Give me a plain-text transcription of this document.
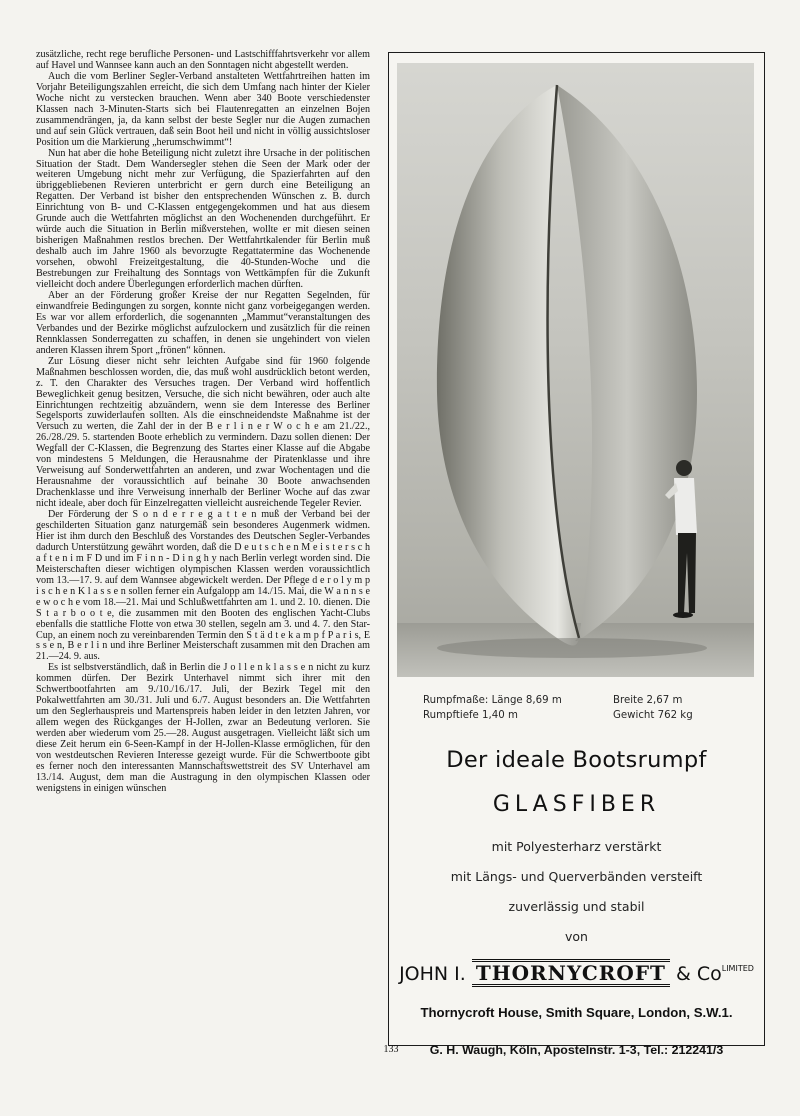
zusätzliche, recht rege berufliche Personen- und Lastschifffahrtsverkehr vor allem auf Havel und Wannsee kann auch an den Sonntagen nicht abgestellt werden.

Auch die vom Berliner Segler-Verband anstalteten Wettfahrtreihen hatten im Vorjahr Beteiligungszahlen erreicht, die sich dem Umfang nach hinter der Kieler Woche nicht zu verstecken brauchen. Wenn aber 340 Boote verschiedenster Klassen nach 3-Minuten-Starts sich bei Flautenregatten an einzelnen Bojen zusammendrängen, ja, da kann selbst der beste Segler nur die Augen zumachen und auf sein Glück vertrauen, daß sein Boot heil und nicht in völlig aussichtsloser Position um die Markierung „herumschwimmt“!

Nun hat aber die hohe Beteiligung nicht zuletzt ihre Ursache in der politischen Situation der Stadt. Dem Wandersegler stehen die Seen der Mark oder der weiteren Umgebung nicht mehr zur Verfügung, die Spazierfahrten auf den übriggebliebenen Revieren unterbricht er gern durch eine Beteiligung an Regatten. Der Verband ist bisher den entsprechenden Wünschen z. B. durch Einrichtung von B- und C-Klassen entgegengekommen und hat aus diesem Grunde auch die Wettfahrten möglichst an den Wochenenden durchgeführt. Er würde auch die Situation in Berlin mißverstehen, wollte er mit diesen seinen bisherigen Maßnahmen restlos brechen. Der Wettfahrtkalender für Berlin muß deshalb auch im Jahre 1960 als bevorzugte Regattatermine das Wochenende vorsehen, obwohl Freizeitgestaltung, die 40-Stunden-Woche und die Bestrebungen zur Freihaltung des Sonntags von Wettkämpfen für die Zukunft vielleicht doch andere Überlegungen erforderlich machen dürften.

Aber an der Förderung großer Kreise der nur Regatten Segelnden, für einwandfreie Bedingungen zu sorgen, konnte nicht ganz vorbeigegangen werden. Es war vor allem erforderlich, die sogenannten „Mammut“veranstaltungen des Verbandes und der Bezirke möglichst aufzulockern und zusätzlich für die reinen Rennklassen Sonderregatten zu schaffen, in denen sie ungehindert von vielen anderen Klassen ihrem Sport „frönen“ können.

Zur Lösung dieser nicht sehr leichten Aufgabe sind für 1960 folgende Maßnahmen beschlossen worden, die, das muß wohl ausdrücklich betont werden, z. T. den Charakter des Versuches tragen. Der Verband wird hoffentlich Beweglichkeit genug besitzen, Versuche, die sich nicht bewähren, oder auch alte Einrichtungen rechtzeitig abzuändern, wenn sie dem Interesse des Berliner Segelsports zuwiderlaufen sollten. Als die einschneidendste Maßnahme ist der Versuch zu werten, die Zahl der in der B e r l i n e r W o c h e am 21./22., 26./28./29. 5. startenden Boote erheblich zu vermindern. Dazu sollen dienen: Der Wegfall der C-Klassen, die Begrenzung des Startes einer Klasse auf die Abgabe von mindestens 5 Meldungen, die Herausnahme der Piratenklasse und ihre Verweisung auf Sonderwettfahrten an anderen, und zwar Wochentagen und die Herausnahme der voraussichtlich auf beinahe 30 Boote anwachsenden Drachenklasse und ihre Verweisung innerhalb der Berliner Woche auf das zwar nicht ideale, aber doch für Einzelregatten vielleicht ausreichende Tegeler Revier.

Der Förderung der S o n d e r r e g a t t e n muß der Verband bei der geschilderten Situation ganz naturgemäß sein besonderes Augenmerk widmen. Hier ist ihm durch den Beschluß des Vorstandes des Deutschen Segler-Verbandes dadurch Unterstützung gewährt worden, daß die D e u t s c h e n M e i s t e r s c h a f t e n i m F D und im F i n n - D i n g h y nach Berlin verlegt worden sind. Die Meisterschaften dieser wichtigen olympischen Klassen werden voraussichtlich vom 13.—17. 9. auf dem Wannsee abgewickelt werden. Der Pflege d e r o l y m p i s c h e n K l a s s e n sollen ferner ein Aufgalopp am 14./15. Mai, die W a n n s e e w o c h e vom 18.—21. Mai und Schlußwettfahrten am 1. und 2. 10. dienen. Die S t a r b o o t e, die zusammen mit den Booten des englischen Yacht-Clubs ebenfalls die stattliche Flotte von etwa 30 stellen, segeln am 3. und 4. 7. den Star-Cup, an einem noch zu vereinbarenden Termin den S t ä d t e k a m p f P a r i s, E s s e n, B e r l i n und ihre Berliner Meisterschaft zusammen mit den Drachen am 21.—24. 9. aus.

Es ist selbstverständlich, daß in Berlin die J o l l e n k l a s s e n nicht zu kurz kommen dürfen. Der Bezirk Unterhavel nimmt sich ihrer mit den Schwertbootfahrten am 9./10./16./17. Juli, der Bezirk Tegel mit den Pokalwettfahrten am 30./31. Juli und 6./7. August besonders an. Die Wettfahrten um den Seglerhauspreis und Martenspreis haben leider in den letzten Jahren, vor allem wegen des Rückganges der H-Jollen, zwar an Bedeutung verloren. Sie werden aber wiederum vom 25.—28. August ausgetragen. Vielleicht läßt sich um diese Zeit herum ein 6-Seen-Kampf in der H-Jollen-Klasse ermöglichen, für den von westdeutschen Revieren Interesse gezeigt wurde. Für die Schwertboote gibt es ferner noch den interessanten Mannschaftswettstreit des SV Unterhavel am 13./14. August, dem man die Austragung in den olympischen Klassen oder wenigstens in einigen wünschen

Rumpfmaße: Länge 8,69 m	Breite 2,67 m
Rumpftiefe 1,40 m	Gewicht 762 kg
Der ideale Bootsrumpf
GLASFIBER
mit Polyesterharz verstärkt
mit Längs- und Querverbänden versteift
zuverlässig und stabil
von
JOHN I. THORNYCROFT & $Co^{LIMITED}$
Thornycroft House, Smith Square, London, S.W.1.
G. H. Waugh, Köln, Apostelnstr. 1-3, Tel.: 212241/3
133
